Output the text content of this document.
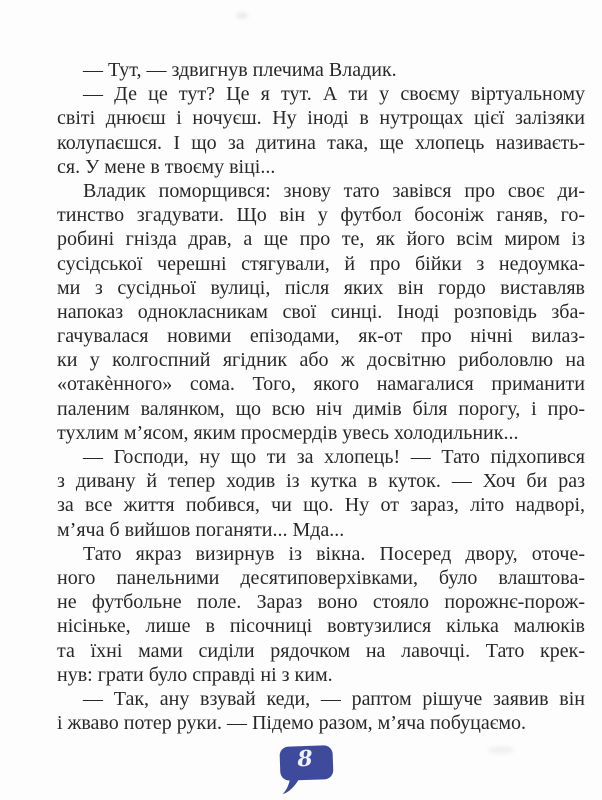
— Тут, — здвигнув плечима Владик.
— Де це тут? Це я тут. А ти у своєму віртуальному
світі днюєш і ночуєш. Ну іноді в нутрощах цієї залізяки
колупаєшся. І що за дитина така, ще хлопець називаєть-
ся. У мене в твоєму віці...
Владик поморщився: знову тато завівся про своє ди-
тинство згадувати. Що він у футбол босоніж ганяв, го-
робині гнізда драв, а ще про те, як його всім миром із
сусідської черешні стягували, й про бійки з недоумка-
ми з сусідньої вулиці, після яких він гордо виставляв
напоказ однокласникам свої синці. Іноді розповідь зба-
гачувалася новими епізодами, як-от про нічні вилаз-
ки у колгоспний ягідник або ж досвітню риболовлю на
«отакѐнного» сома. Того, якого намагалися приманити
паленим валянком, що всю ніч димів біля порогу, і про-
тухлим м’ясом, яким просмердів увесь холодильник...
— Господи, ну що ти за хлопець! — Тато підхопився
з дивану й тепер ходив із кутка в куток. — Хоч би раз
за все життя побився, чи що. Ну от зараз, літо надворі,
м’яча б вийшов поганяти... Мда...
Тато якраз визирнув із вікна. Посеред двору, оточе-
ного панельними десятиповерхівками, було влаштова-
не футбольне поле. Зараз воно стояло порожнє-порож-
нісіньке, лише в пісочниці вовтузилися кілька малюків
та їхні мами сиділи рядочком на лавочці. Тато крек-
нув: грати було справді ні з ким.
— Так, ану взувай кеди, — раптом рішуче заявив він
і жваво потер руки. — Підемо разом, м’яча побуцаємо.
8
